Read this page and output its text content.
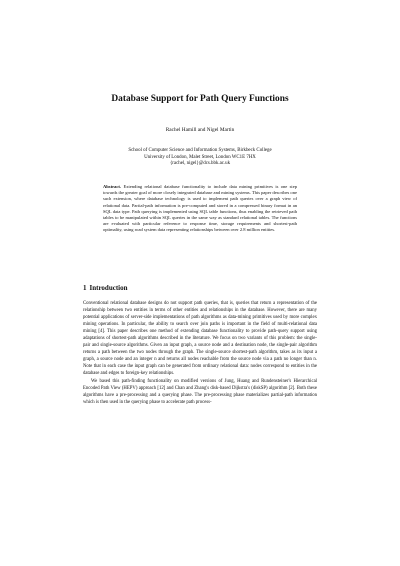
Database Support for Path Query Functions
Rachel Hamill and Nigel Martin
School of Computer Science and Information Systems, Birkbeck College
University of London, Malet Street, London WC1E 7HX
{rachel, nigel}@dcs.bbk.ac.uk
Abstract. Extending relational database functionality to include data mining primitives is one step towards the greater goal of more closely integrated database and mining systems. This paper describes one such extension, where database technology is used to implement path queries over a graph view of relational data. Partial-path information is pre-computed and stored in a compressed binary format in an SQL data type. Path querying is implemented using SQL table functions, thus enabling the retrieved path tables to be manipulated within SQL queries in the same way as standard relational tables. The functions are evaluated with particular reference to response time, storage requirements and shortest-path optimality, using road system data representing relationships between over 2.8 million entities.
1 Introduction

Conventional relational database designs do not support path queries, that is, queries that return a representation of the relationship between two entities in terms of other entities and relationships in the database. However, there are many potential applications of server-side implementations of path algorithms as data-mining primitives used by more complex mining operations. In particular, the ability to search over join paths is important in the field of multi-relational data mining [4]. This paper describes one method of extending database functionality to provide path-query support using adaptations of shortest-path algorithms described in the literature. We focus on two variants of this problem: the single-pair and single-source algorithms. Given an input graph, a source node and a destination node, the single-pair algorithm returns a path between the two nodes through the graph. The single-source shortest-path algorithm, takes as its input a graph, a source node and an integer n and returns all nodes reachable from the source node via a path no longer than n. Note that in each case the input graph can be generated from ordinary relational data: nodes correspond to entities in the database and edges to foreign-key relationships.

We based this path-finding functionality on modified versions of Jung, Huang and Rundensteiner's Hierarchical Encoded Path View (HEPV) approach [12] and Chan and Zhang's disk-based Dijkstra's (diskSP) algorithm [2]. Both these algorithms have a pre-processing and a querying phase. The pre-processing phase materializes partial-path information which is then used in the querying phase to accelerate path process-
